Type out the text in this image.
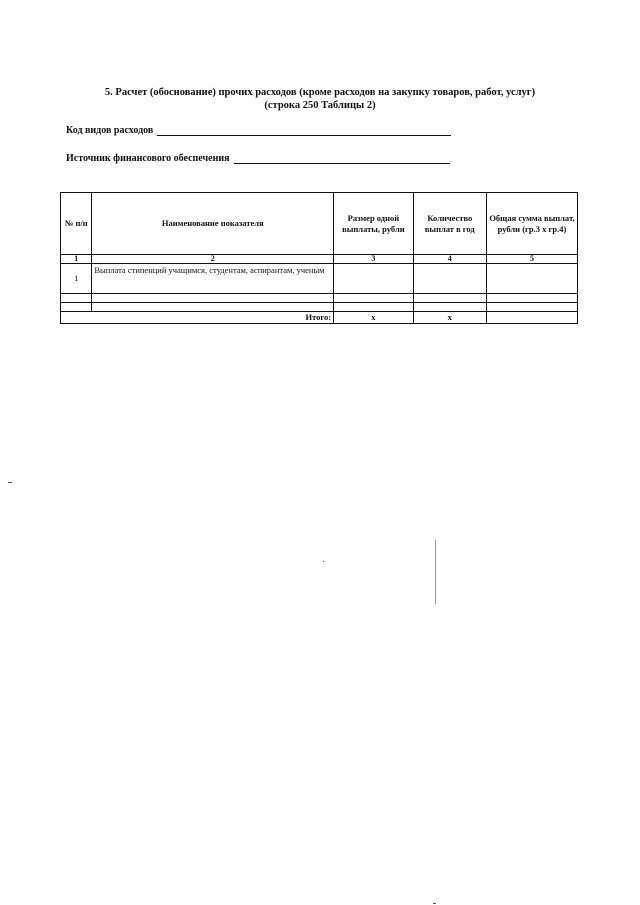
5. Расчет (обоснование) прочих расходов (кроме расходов на закупку товаров, работ, услуг)
(строка 250 Таблицы 2)
Код видов расходов
Источник финансового обеспечения
№ п/п	Наименование показателя	Размер одной выплаты, рубли	Количество выплат в год	Общая сумма выплат, рубли (гр.3 х гр.4)
1	2	3	4	5
1	Выплата стипенций учащимся, студентам, аспирантам, ученым			

Итого:		х	х	
